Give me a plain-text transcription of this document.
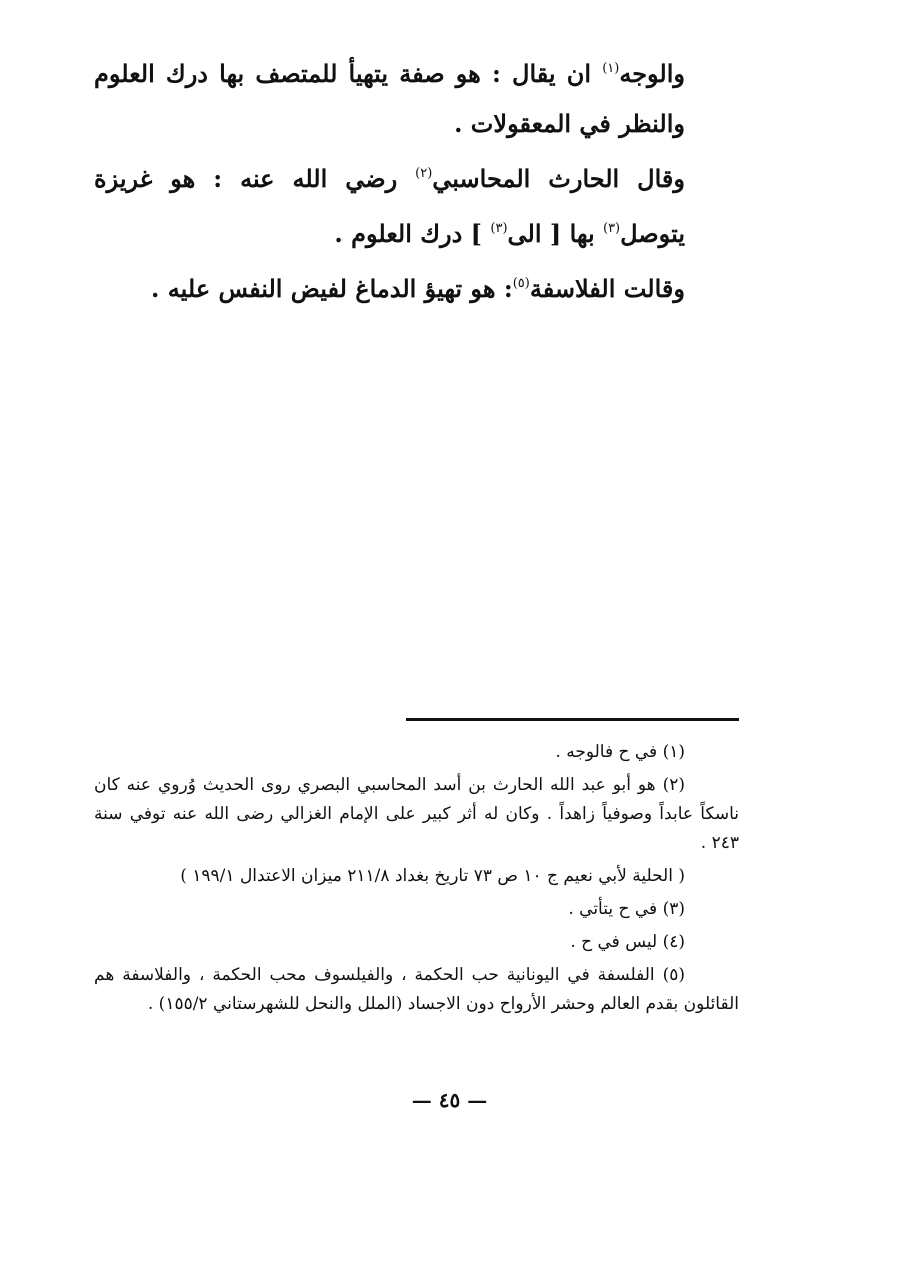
والوجه$^{(١)}$ ان يقال : هو صفة يتهيأ للمتصف بها درك العلوم والنظر في المعقولات .

وقال الحارث المحاسبي$^{(٢)}$ رضي الله عنه : هو غريزة يتوصل$^{(٣)}$ بها [ الى$^{(٣)}$ ] درك العلوم .

وقالت الفلاسفة$^{(٥)}$: هو تهيؤ الدماغ لفيض النفس عليه .

(١) في ح فالوجه .

(٢) هو أبو عبد الله الحارث بن أسد المحاسبي البصري روى الحديث وُروي عنه كان ناسكاً عابداً وصوفياً زاهداً . وكان له أثر كبير على الإمام الغزالي رضى الله عنه توفي سنة ٢٤٣ .

( الحلية لأبي نعيم ج ١٠ ص ٧٣ تاريخ بغداد ٢١١/٨ ميزان الاعتدال ١٩٩/١ )

(٣) في ح يتأتي .

(٤) ليس في ح .

(٥) الفلسفة في اليونانية حب الحكمة ، والفيلسوف محب الحكمة ، والفلاسفة هم القائلون بقدم العالم وحشر الأرواح دون الاجساد (الملل والنحل للشهرستاني ١٥٥/٢) .

— ٤٥ —
